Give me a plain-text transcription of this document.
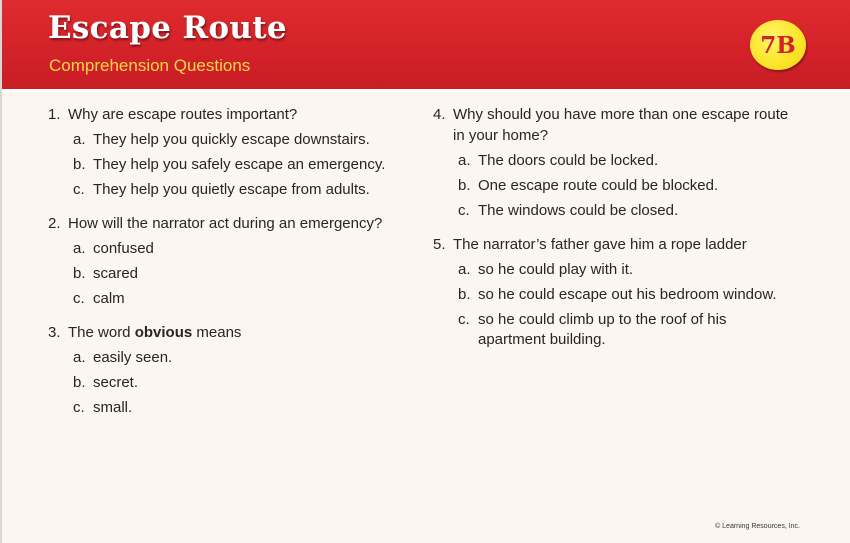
Escape Route
Comprehension Questions
7B

1. Why are escape routes important?

a. They help you quickly escape downstairs.
b. They help you safely escape an emergency.
c. They help you quietly escape from adults.

2. How will the narrator act during an emergency?

a. confused
b. scared
c. calm

3. The word obvious means

a. easily seen.
b. secret.
c. small.

4. Why should you have more than one escape route
in your home?

a. The doors could be locked.
b. One escape route could be blocked.
c. The windows could be closed.

5. The narrator’s father gave him a rope ladder

a. so he could play with it.
b. so he could escape out his bedroom window.
c. so he could climb up to the roof of his
apartment building.
© Learning Resources, Inc.
